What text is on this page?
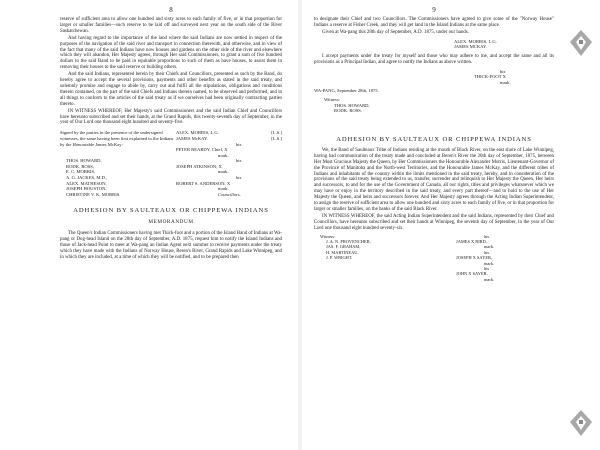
8

reserve of sufficient area to allow one hundred and sixty acres to each family of five, or in that proportion for larger or smaller families—such reserve to be laid off and surveyed next year on the south side of the River Saskatchewan.

And having regard to the importance of the land where the said Indians are now settled in respect of the purposes of the navigation of the said river and transport in connection therewith, and otherwise, and in view of the fact that many of the said Indians have now houses and gardens on the other side of the river and elsewhere which they will abandon, Her Majesty agrees, through Her said Commissioners, to grant a sum of five hundred dollars to the said Band to be paid in equitable proportions to such of them as have houses, to assist them in removing their houses to the said reserve or building others.

And the said Indians, represented herein by their Chiefs and Councillors, presented as such by the Band, do hereby agree to accept the several provisions, payments and other benefits as stated in the said treaty, and solemnly promise and engage to abide by, carry out and fulfil all the stipulations, obligations and conditions therein contained, on the part of the said Chiefs and Indians therein named, to be observed and performed, and in all things to conform to the articles of the said treaty as if we ourselves had been originally contracting parties thereto.

IN WITNESS WHEREOF, Her Majesty's said Commissioners and the said Indian Chief and Councillors have hereunto subscribed and set their hands, at the Grand Rapids, this twenty-seventh day of September, in the year of Our Lord one thousand eight hundred and seventy-five.

Signed by the parties in the presence of the undersigned witnesses, the same having been first explained to the Indians by the Honourable James McKay:
ALEX. MORRIS, L.G.	[L.S.]
JAMES McKAY.	[L.S.]
his
PETER BEARDY, Chief, X
mark.
THOS. HOWARD,
RODK. ROSS,
E. C. MORRIS,
A. G. JACKES, M.D.,
ALEX. MATHESON,
JOSEPH HOUSTON,
CHRISTINE V. K. MORRIS.
his
JOSEPH ATKINSON, X
mark.
his
ROBERT S. ANDERSON, X
mark.
Councillors.
ADHESION BY SAULTEAUX OR CHIPPEWA INDIANS
MEMORANDUM

The Queen's Indian Commissioners having met Thick-foot and a portion of the Island Band of Indians at Wa-pang or Dog-head Island on the 28th day of September, A.D. 1875, request him to notify the Island Indians and those of Jack-head Point to meet at Wa-pang an Indian Agent next summer to receive payments under the treaty which they have made with the Indians of Norway House, Beren's River, Grand Rapids and Lake Winnipeg, and in which they are included, at a time of which they will be notified, and to be prepared then

9

to designate their Chief and two Councillors. The Commissioners have agreed to give some of the "Norway House" Indians a reserve at Fisher Creek, and they will get land in the Island Indians at the same place.

Given at Wa-pang this 28th day of September, A.D. 1875, under our hands.

ALEX. MORRIS, L.G.
JAMES MCKAY.

I accept payments under the treaty for myself and those who may adhere to me, and accept the same and all its provisions as a Principal Indian, and agree to notify the Indians as above written.

his
THICK-FOOT X
mark.
WA-PANG, September 28th, 1875.
Witness:
THOS. HOWARD,
RODK. ROSS.
ADHESION BY SAULTEAUX OR CHIPPEWA INDIANS

We, the Band of Saulteaux Tribe of Indians residing at the mouth of Black River, on the east shore of Lake Winnipeg, having had communication of the treaty made and concluded at Beren's River the 20th day of September, 1875, between Her Most Gracious Majesty the Queen, by Her Commissioners the Honourable Alexander Morris, Lieutenant-Governor of the Province of Manitoba and the North-west Territories, and the Honourable James McKay, and the different tribes of Indians and inhabitants of the country within the limits mentioned in the said treaty, hereby, and in consideration of the provisions of the said treaty being extended to us, transfer, surrender and relinquish to Her Majesty the Queen, Her heirs and successors, to and for the use of the Government of Canada, all our rights, titles and privileges whatsoever which we may have or enjoy in the territory described in the said treaty, and every part thereof—and to hold to the use of Her Majesty the Queen, and heirs and successors forever. And Her Majesty agrees through the Acting Indian Superintendent, to assign the reserve of sufficient area to allow one hundred and sixty acres to each family of five, or in that proportion for larger or smaller families, on the banks of the said Black River.

IN WITNESS WHEREOF, the said Acting Indian Superintendent and the said Indians, represented by their Chief and Councillors, have hereunto subscribed and set their hands at Winnipeg, the seventh day of September, in the year of Our Lord one thousand eight hundred seventy-six.

Witness:
J. A. N. PROVENCHER,
JAS. F. GRAHAM,
H. MARTINEAU,
J. P. WRIGHT.
his
JAMES X BIRD,
mark.
his
JOSEPH X SAYER,
mark.
his
JOHN X SAYER,
mark.
